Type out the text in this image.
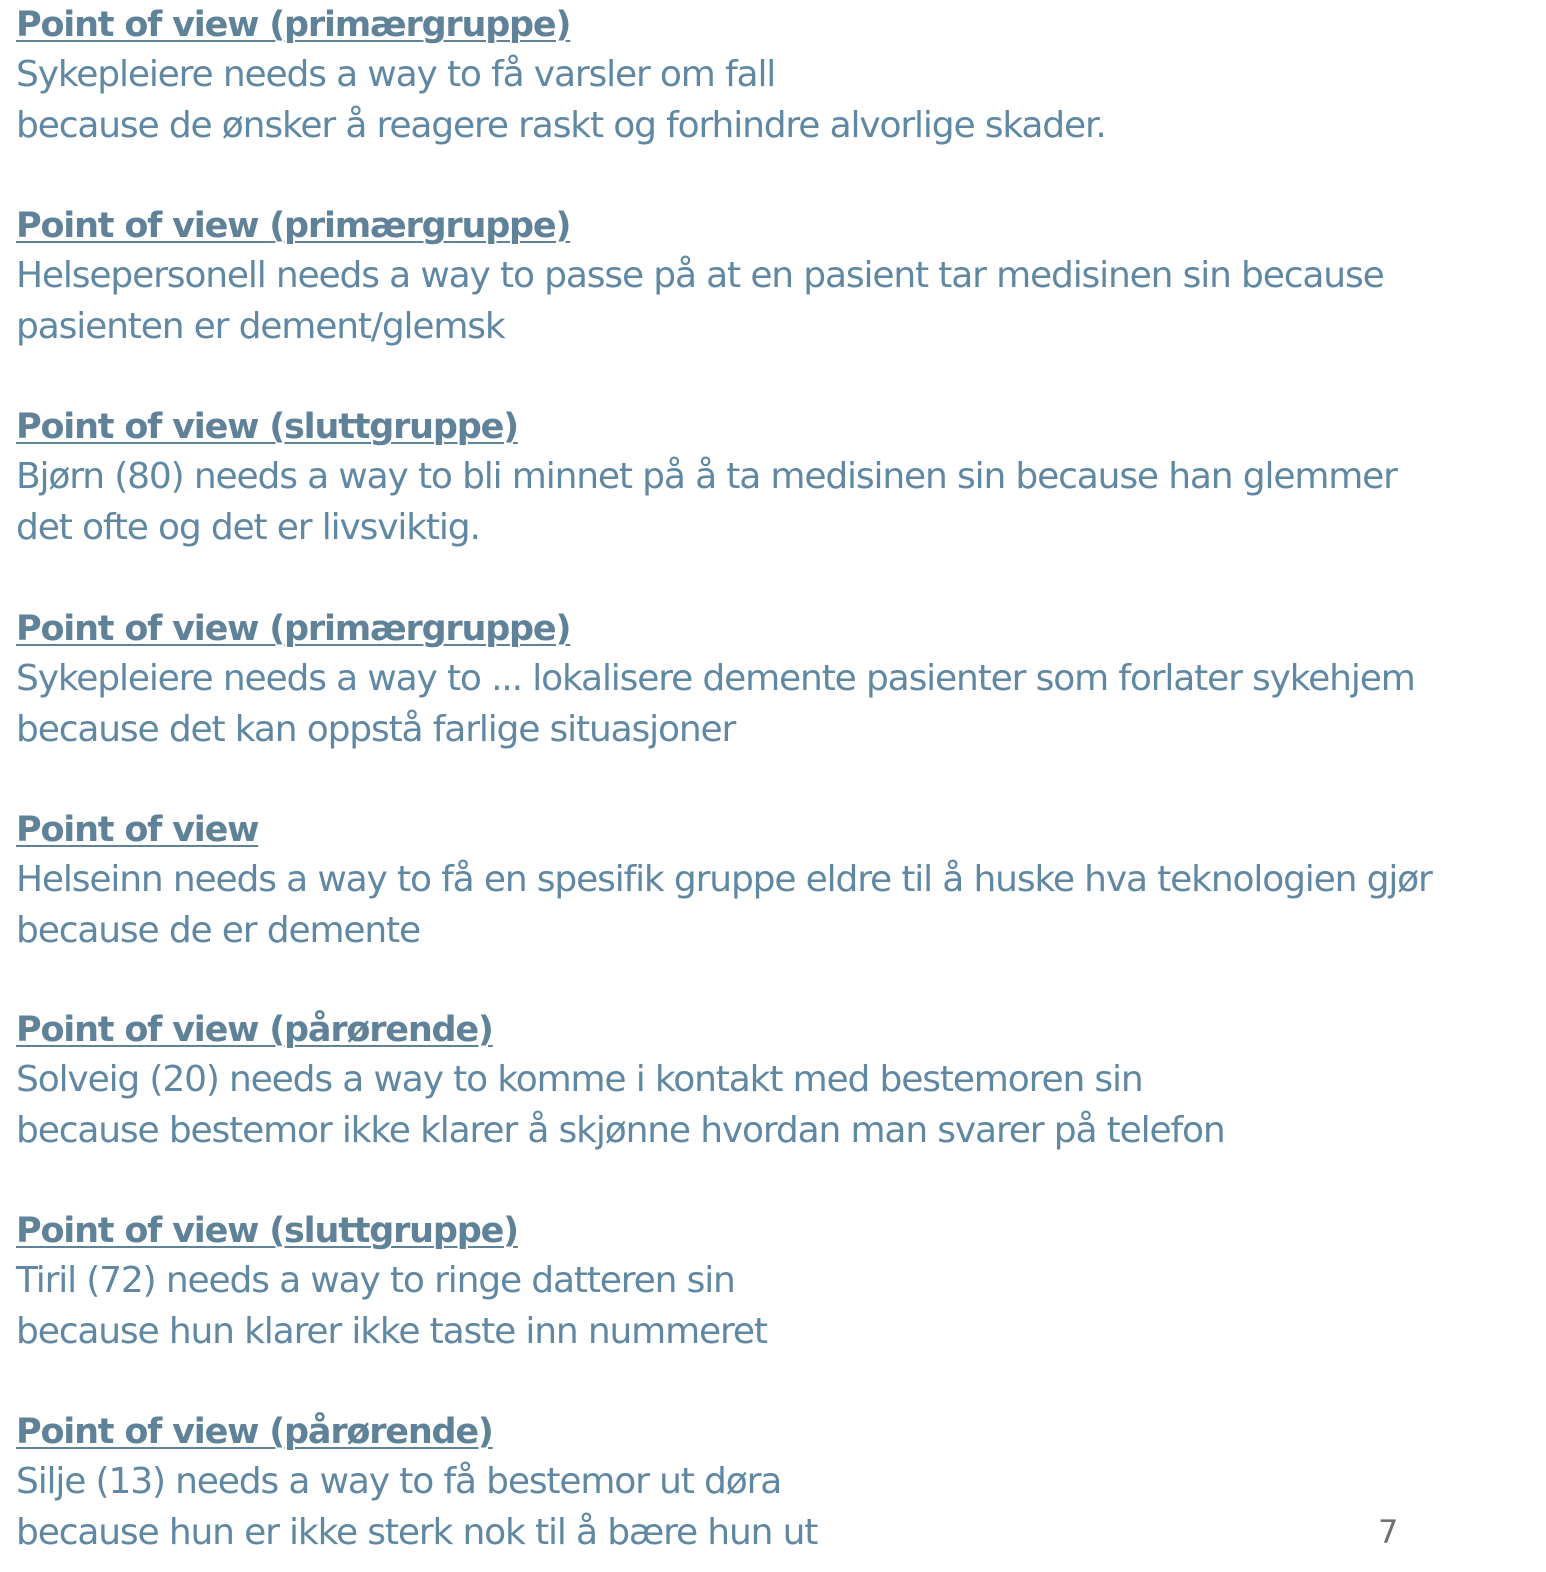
Point of view (primærgruppe)
Sykepleiere needs a way to få varsler om fall
because de ønsker å reagere raskt og forhindre alvorlige skader.
Point of view (primærgruppe)
Helsepersonell needs a way to passe på at en pasient tar medisinen sin because
pasienten er dement/glemsk
Point of view (sluttgruppe)
Bjørn (80) needs a way to bli minnet på å ta medisinen sin because han glemmer
det ofte og det er livsviktig.
Point of view (primærgruppe)
Sykepleiere needs a way to ... lokalisere demente pasienter som forlater sykehjem
because det kan oppstå farlige situasjoner
Point of view
Helseinn needs a way to få en spesifik gruppe eldre til å huske hva teknologien gjør
because de er demente
Point of view (pårørende)
Solveig (20) needs a way to komme i kontakt med bestemoren sin
because bestemor ikke klarer å skjønne hvordan man svarer på telefon
Point of view (sluttgruppe)
Tiril (72) needs a way to ringe datteren sin
because hun klarer ikke taste inn nummeret
Point of view (pårørende)
Silje (13) needs a way to få bestemor ut døra
because hun er ikke sterk nok til å bære hun ut	7
